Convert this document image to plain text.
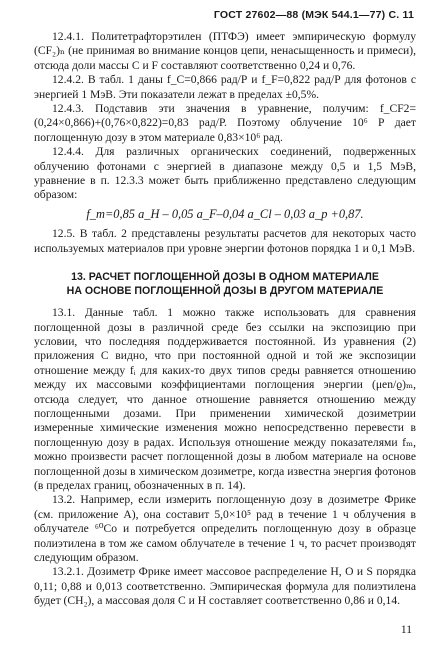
ГОСТ 27602—88 (МЭК 544.1—77) С. 11

12.4.1. Политетрафторэтилен (ПТФЭ) имеет эмпирическую формулу (CF₂)ₙ (не принимая во внимание концов цепи, ненасыщенность и примеси), отсюда доли массы C и F составляют соответственно 0,24 и 0,76.

12.4.2. В табл. 1 даны f_C=0,866 рад/Р и f_F=0,822 рад/Р для фотонов с энергией 1 МэВ. Эти показатели лежат в пределах ±0,5%.

12.4.3. Подставив эти значения в уравнение, получим: f_CF2=(0,24×0,866)+(0,76×0,822)=0,83 рад/Р. Поэтому облучение 10⁶ Р дает поглощенную дозу в этом материале 0,83×10⁶ рад.

12.4.4. Для различных органических соединений, подверженных облучению фотонами с энергией в диапазоне между 0,5 и 1,5 МэВ, уравнение в п. 12.3.3 может быть приближенно представлено следующим образом:

f_m=0,85 a_H – 0,05 a_F–0,04 a_Cl – 0,03 a_p +0,87.

12.5. В табл. 2 представлены результаты расчетов для некоторых часто используемых материалов при уровне энергии фотонов порядка 1 и 0,1 МэВ.

13. РАСЧЕТ ПОГЛОЩЕННОЙ ДОЗЫ В ОДНОМ МАТЕРИАЛЕ
НА ОСНОВЕ ПОГЛОЩЕННОЙ ДОЗЫ В ДРУГОМ МАТЕРИАЛЕ

13.1. Данные табл. 1 можно также использовать для сравнения поглощенной дозы в различной среде без ссылки на экспозицию при условии, что последняя поддерживается постоянной. Из уравнения (2) приложения С видно, что при постоянной одной и той же экспозиции отношение между fᵢ для каких-то двух типов среды равняется отношению между их массовыми коэффициентами поглощения энергии (μen/ϱ)ₘ, отсюда следует, что данное отношение равняется отношению между поглощенными дозами. При применении химической дозиметрии измеренные химические изменения можно непосредственно перевести в поглощенную дозу в радах. Используя отношение между показателями fₘ, можно произвести расчет поглощенной дозы в любом материале на основе поглощенной дозы в химическом дозиметре, когда известна энергия фотонов (в пределах границ, обозначенных в п. 14).

13.2. Например, если измерить поглощенную дозу в дозиметре Фрике (см. приложение А), она составит 5,0×10⁵ рад в течение 1 ч облучения в облучателе ⁶⁰Co и потребуется определить поглощенную дозу в образце полиэтилена в том же самом облучателе в течение 1 ч, то расчет производят следующим образом.

13.2.1. Дозиметр Фрике имеет массовое распределение H, O и S порядка 0,11; 0,88 и 0,013 соответственно. Эмпирическая формула для полиэтилена будет (CH₂), а массовая доля C и H составляет соответственно 0,86 и 0,14.

11
